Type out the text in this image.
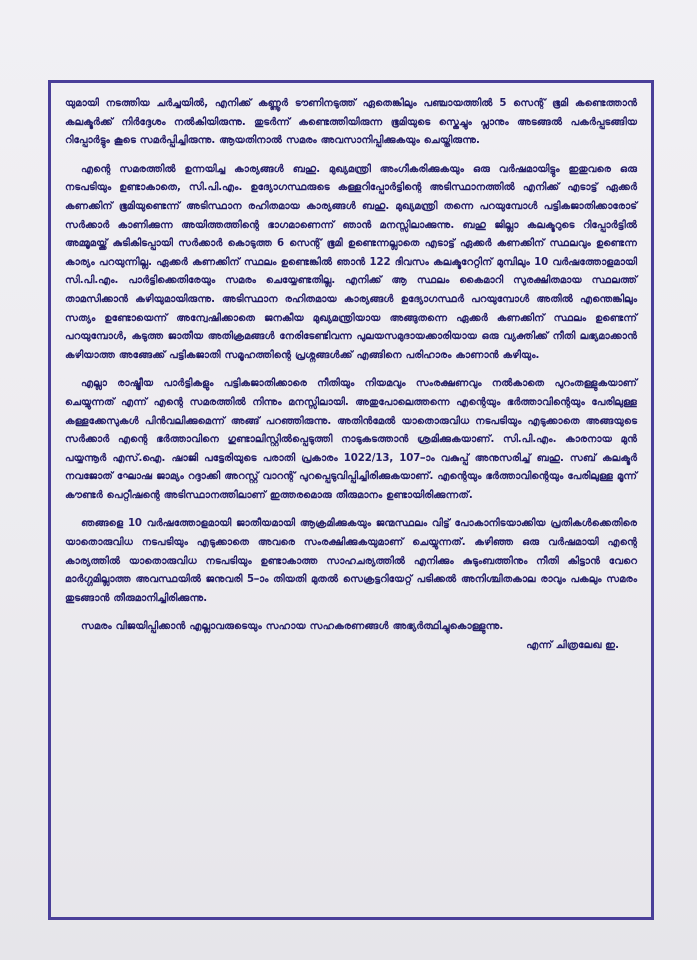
യുമായി നടത്തിയ ചർച്ചയിൽ, എനിക്ക് കണ്ണൂർ ടൗണിനടുത്ത് ഏതെങ്കിലും പഞ്ചായത്തിൽ 5 സെന്റ് ഭൂമി കണ്ടെത്താൻ കലക്ടർക്ക് നിർദ്ദേശം നൽകിയിരുന്നു. തുടർന്ന് കണ്ടെത്തിയിരുന്ന ഭൂമിയുടെ സ്കെച്ചും പ്ലാനും അടങ്ങൽ പകർപ്പടങ്ങിയ റിപ്പോർട്ടും കൂടെ സമർപ്പിച്ചിരുന്നു. ആയതിനാൽ സമരം അവസാനിപ്പിക്കുകയും ചെയ്തിരുന്നു.

എന്റെ സമരത്തിൽ ഉന്നയിച്ച കാര്യങ്ങൾ ബഹു. മുഖ്യമന്ത്രി അംഗീകരിക്കുകയും ഒരു വർഷമായിട്ടും ഇതുവരെ ഒരു നടപടിയും ഉണ്ടാകാതെ, സി.പി.എം. ഉദ്യോഗസ്ഥരുടെ കള്ളറിപ്പോർട്ടിന്റെ അടിസ്ഥാനത്തിൽ എനിക്ക് എടാട്ട് ഏക്കർ കണക്കിന് ഭൂമിയുണ്ടെന്ന് അടിസ്ഥാന രഹിതമായ കാര്യങ്ങൾ ബഹു. മുഖ്യമന്ത്രി തന്നെ പറയുമ്പോൾ പട്ടികജാതിക്കാരോട് സർക്കാർ കാണിക്കുന്ന അയിത്തത്തിന്റെ ഭാഗമാണെന്ന് ഞാൻ മനസ്സിലാക്കുന്നു. ബഹു ജില്ലാ കലക്ടറുടെ റിപ്പോർട്ടിൽ അമ്മൂമയ്ക്ക് കുടികിടപ്പായി സർക്കാർ കൊടുത്ത 6 സെന്റ് ഭൂമി ഉണ്ടെന്നല്ലാതെ എടാട്ട് ഏക്കർ കണക്കിന് സ്ഥലവും ഉണ്ടെന്ന കാര്യം പറയുന്നില്ല. ഏക്കർ കണക്കിന് സ്ഥലം ഉണ്ടെങ്കിൽ ഞാൻ 122 ദിവസം കലക്ടറേറ്റിന് മുമ്പിലും 10 വർഷത്തോളമായി സി.പി.എം. പാർട്ടിക്കെതിരേയും സമരം ചെയ്യേണ്ടതില്ല. എനിക്ക് ആ സ്ഥലം കൈമാറി സുരക്ഷിതമായ സ്ഥലത്ത് താമസിക്കാൻ കഴിയുമായിരുന്നു. അടിസ്ഥാന രഹിതമായ കാര്യങ്ങൾ ഉദ്യോഗസ്ഥർ പറയുമ്പോൾ അതിൽ എന്തെങ്കിലും സത്യം ഉണ്ടോയെന്ന് അന്വേഷിക്കാതെ ജനകീയ മുഖ്യമന്ത്രിയായ അങ്ങുതന്നെ ഏക്കർ കണക്കിന് സ്ഥലം ഉണ്ടെന്ന് പറയുമ്പോൾ, കടുത്ത ജാതീയ അതിക്രമങ്ങൾ നേരിടേണ്ടിവന്ന പുലയസമുദായക്കാരിയായ ഒരു വ്യക്തിക്ക് നീതി ലഭ്യമാക്കാൻ കഴിയാത്ത അങ്ങേക്ക് പട്ടികജാതി സമൂഹത്തിന്റെ പ്രശ്നങ്ങൾക്ക് എങ്ങിനെ പരിഹാരം കാണാൻ കഴിയും.

എല്ലാ രാഷ്ട്രീയ പാർട്ടികളും പട്ടികജാതിക്കാരെ നീതിയും നിയമവും സംരക്ഷണവും നൽകാതെ പുറംതള്ളുകയാണ് ചെയ്യുന്നത് എന്ന് എന്റെ സമരത്തിൽ നിന്നും മനസ്സിലായി. അതുപോലെത്തന്നെ എന്റെയും ഭർത്താവിന്റെയും പേരിലുള്ള കള്ളക്കേസുകൾ പിൻവലിക്കുമെന്ന് അങ്ങ് പറഞ്ഞിരുന്നു. അതിൻമേൽ യാതൊരുവിധ നടപടിയും എടുക്കാതെ അങ്ങയുടെ സർക്കാർ എന്റെ ഭർത്താവിനെ ഗുണ്ടാലിസ്റ്റിൽപ്പെടുത്തി നാടുകടത്താൻ ശ്രമിക്കുകയാണ്. സി.പി.എം. കാരനായ മുൻ പയ്യന്നൂർ എസ്.ഐ. ഷാജി പട്ടേരിയുടെ പരാതി പ്രകാരം 1022/13, 107–ാം വകുപ്പ് അനുസരിച്ച് ബഹു. സബ് കലക്ടർ നവജോത് ഘോഷ ജാമ്യം റദ്ദാക്കി അറസ്റ്റ് വാറന്റ് പുറപ്പെടുവിപ്പിച്ചിരിക്കുകയാണ്. എന്റെയും ഭർത്താവിന്റെയും പേരിലുള്ള മൂന്ന് കൗണ്ടർ പെറ്റീഷന്റെ അടിസ്ഥാനത്തിലാണ് ഇത്തരമൊരു തീരുമാനം ഉണ്ടായിരിക്കുന്നത്.

ഞങ്ങളെ 10 വർഷത്തോളമായി ജാതീയമായി ആക്രമിക്കുകയും ജന്മസ്ഥലം വിട്ട് പോകാനിടയാക്കിയ പ്രതികൾക്കെതിരെ യാതൊരുവിധ നടപടിയും എടുക്കാതെ അവരെ സംരക്ഷിക്കുകയുമാണ് ചെയ്യുന്നത്. കഴിഞ്ഞ ഒരു വർഷമായി എന്റെ കാര്യത്തിൽ യാതൊരുവിധ നടപടിയും ഉണ്ടാകാത്ത സാഹചര്യത്തിൽ എനിക്കും കുടുംബത്തിനും നീതി കിട്ടാൻ വേറെ മാർഗ്ഗമില്ലാത്ത അവസ്ഥയിൽ ജനുവരി 5–ാം തിയതി മുതൽ സെക്രട്ടറിയേറ്റ് പടിക്കൽ അനിശ്ചിതകാല രാവും പകലും സമരം തുടങ്ങാൻ തീരുമാനിച്ചിരിക്കുന്നു.

സമരം വിജയിപ്പിക്കാൻ എല്ലാവരുടെയും സഹായ സഹകരണങ്ങൾ അഭ്യർത്ഥിച്ചുകൊള്ളുന്നു.

എന്ന് ചിത്രലേഖ ഇ.
